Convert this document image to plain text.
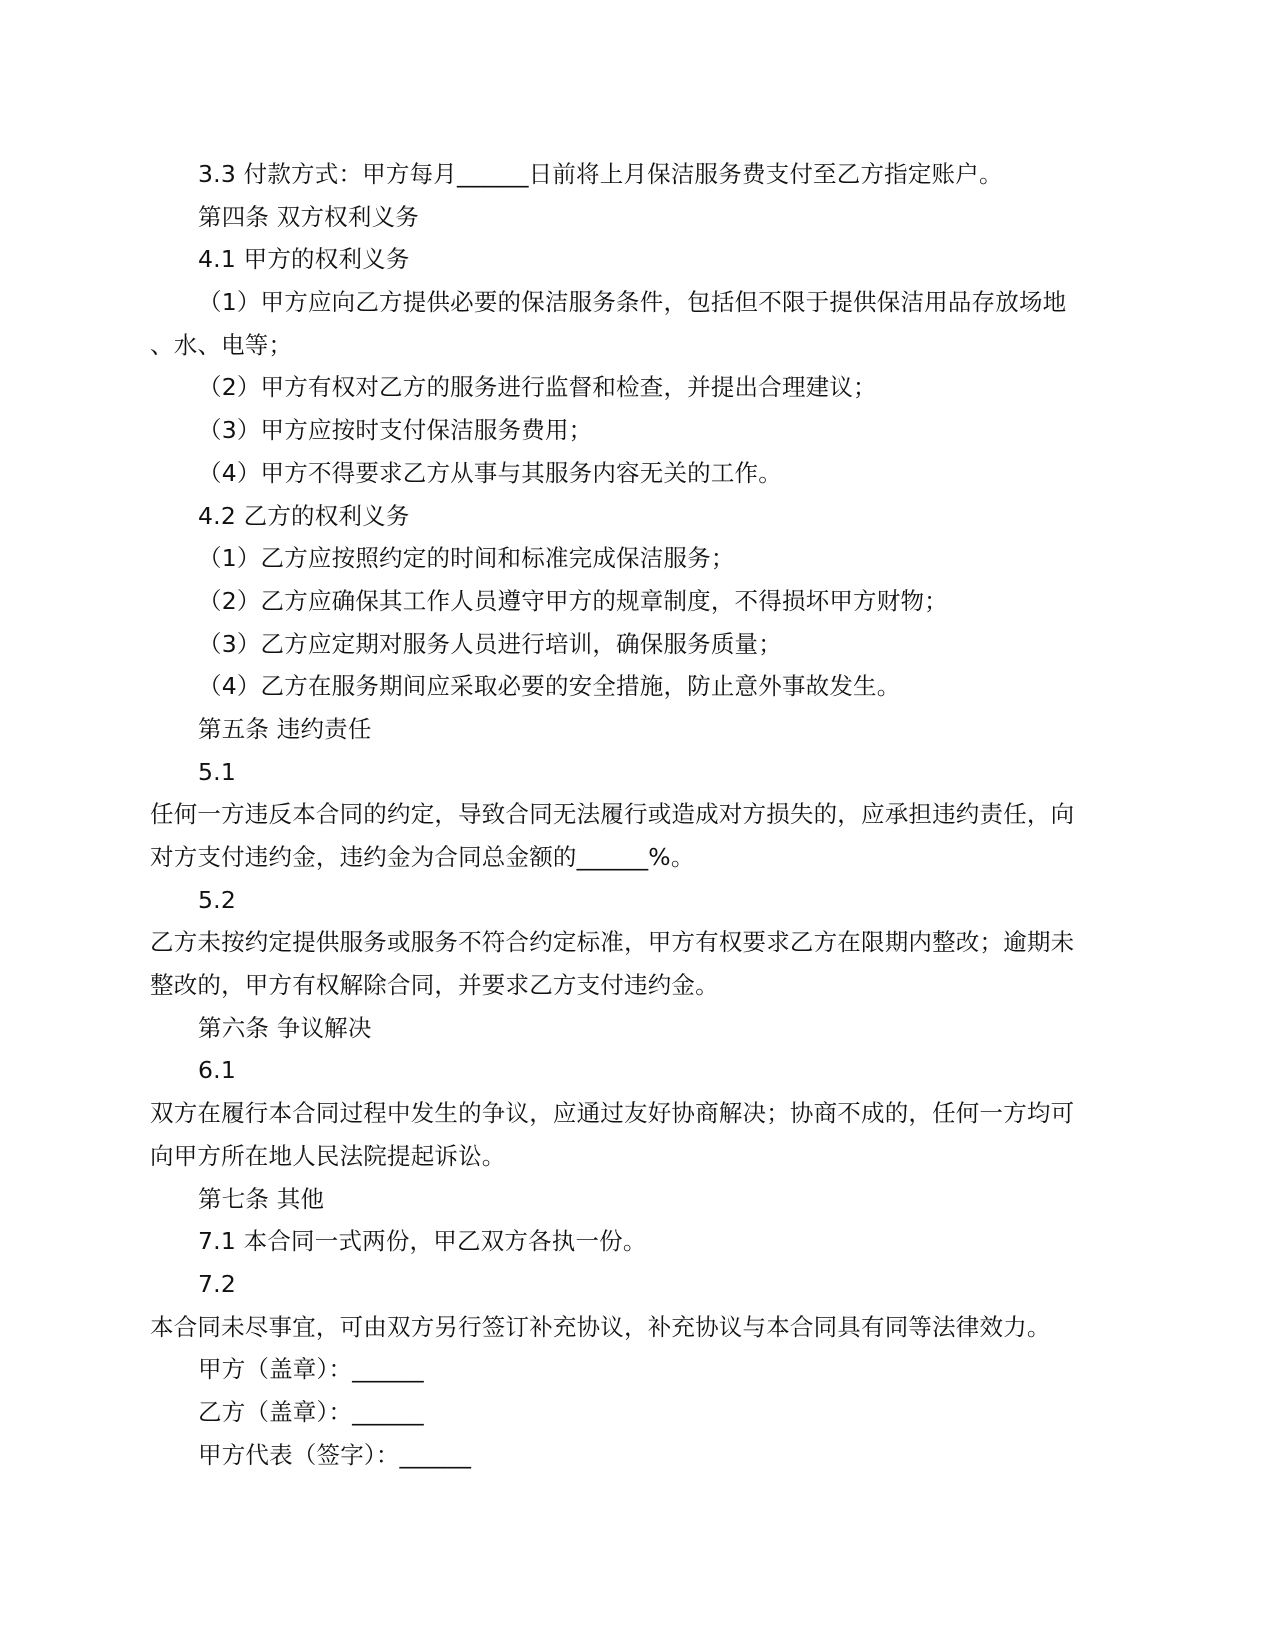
3.3 付款方式：甲方每月______日前将上月保洁服务费支付至乙方指定账户。
第四条 双方权利义务
4.1 甲方的权利义务
（1）甲方应向乙方提供必要的保洁服务条件，包括但不限于提供保洁用品存放场地
、水、电等；
（2）甲方有权对乙方的服务进行监督和检查，并提出合理建议；
（3）甲方应按时支付保洁服务费用；
（4）甲方不得要求乙方从事与其服务内容无关的工作。
4.2 乙方的权利义务
（1）乙方应按照约定的时间和标准完成保洁服务；
（2）乙方应确保其工作人员遵守甲方的规章制度，不得损坏甲方财物；
（3）乙方应定期对服务人员进行培训，确保服务质量；
（4）乙方在服务期间应采取必要的安全措施，防止意外事故发生。
第五条 违约责任
5.1
任何一方违反本合同的约定，导致合同无法履行或造成对方损失的，应承担违约责任，向
对方支付违约金，违约金为合同总金额的______%。
5.2
乙方未按约定提供服务或服务不符合约定标准，甲方有权要求乙方在限期内整改；逾期未
整改的，甲方有权解除合同，并要求乙方支付违约金。
第六条 争议解决
6.1
双方在履行本合同过程中发生的争议，应通过友好协商解决；协商不成的，任何一方均可
向甲方所在地人民法院提起诉讼。
第七条 其他
7.1 本合同一式两份，甲乙双方各执一份。
7.2
本合同未尽事宜，可由双方另行签订补充协议，补充协议与本合同具有同等法律效力。
甲方（盖章）：______
乙方（盖章）：______
甲方代表（签字）：______
